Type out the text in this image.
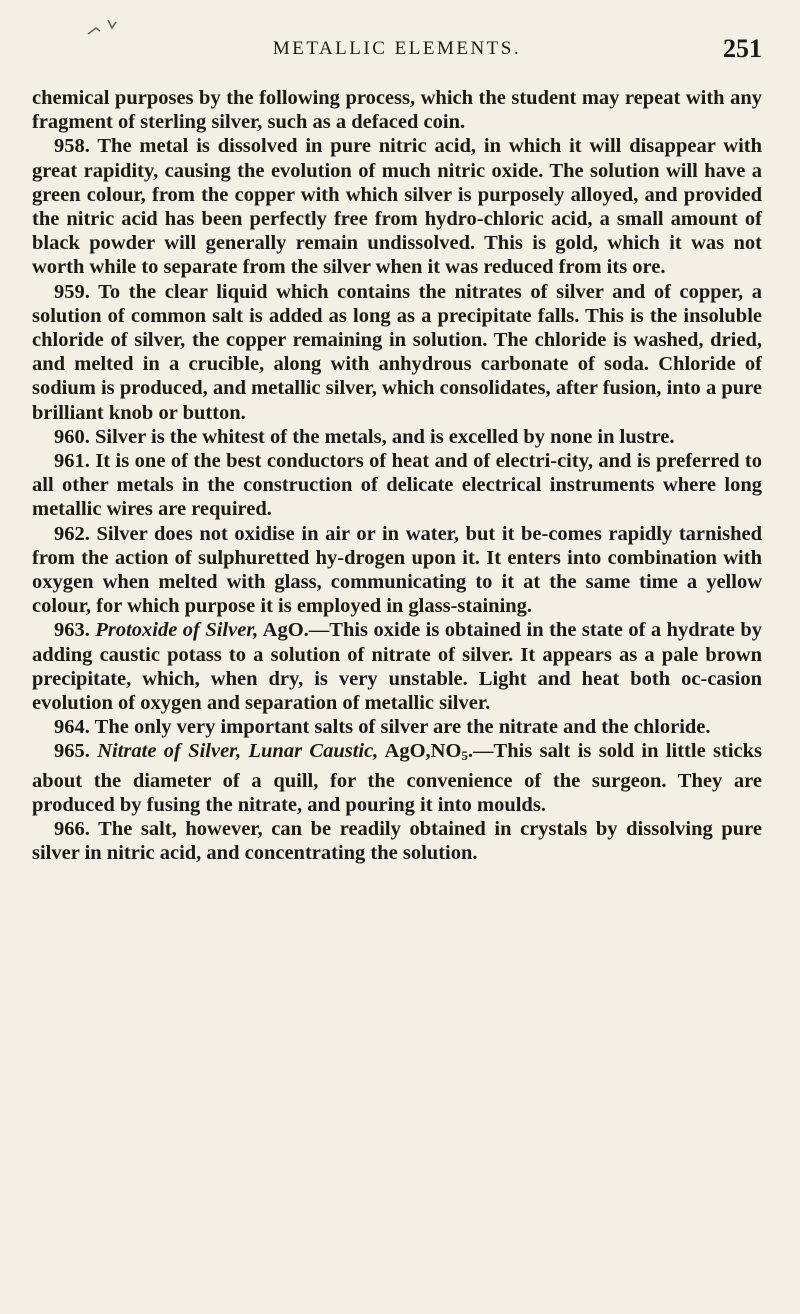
METALLIC ELEMENTS.	251

chemical purposes by the following process, which the student may repeat with any fragment of sterling silver, such as a defaced coin.

958. The metal is dissolved in pure nitric acid, in which it will disappear with great rapidity, causing the evolution of much nitric oxide. The solution will have a green colour, from the copper with which silver is purposely alloyed, and provided the nitric acid has been perfectly free from hydro-chloric acid, a small amount of black powder will generally remain undissolved. This is gold, which it was not worth while to separate from the silver when it was reduced from its ore.

959. To the clear liquid which contains the nitrates of silver and of copper, a solution of common salt is added as long as a precipitate falls. This is the insoluble chloride of silver, the copper remaining in solution. The chloride is washed, dried, and melted in a crucible, along with anhydrous carbonate of soda. Chloride of sodium is produced, and metallic silver, which consolidates, after fusion, into a pure brilliant knob or button.

960. Silver is the whitest of the metals, and is excelled by none in lustre.

961. It is one of the best conductors of heat and of electri-city, and is preferred to all other metals in the construction of delicate electrical instruments where long metallic wires are required.

962. Silver does not oxidise in air or in water, but it be-comes rapidly tarnished from the action of sulphuretted hy-drogen upon it. It enters into combination with oxygen when melted with glass, communicating to it at the same time a yellow colour, for which purpose it is employed in glass-staining.

963. Protoxide of Silver, AgO.—This oxide is obtained in the state of a hydrate by adding caustic potass to a solution of nitrate of silver. It appears as a pale brown precipitate, which, when dry, is very unstable. Light and heat both oc-casion evolution of oxygen and separation of metallic silver.

964. The only very important salts of silver are the nitrate and the chloride.

965. Nitrate of Silver, Lunar Caustic, $AgO,NO_5.—This$ salt is sold in little sticks about the diameter of a quill, for the convenience of the surgeon. They are produced by fusing the nitrate, and pouring it into moulds.

966. The salt, however, can be readily obtained in crystals by dissolving pure silver in nitric acid, and concentrating the solution.
